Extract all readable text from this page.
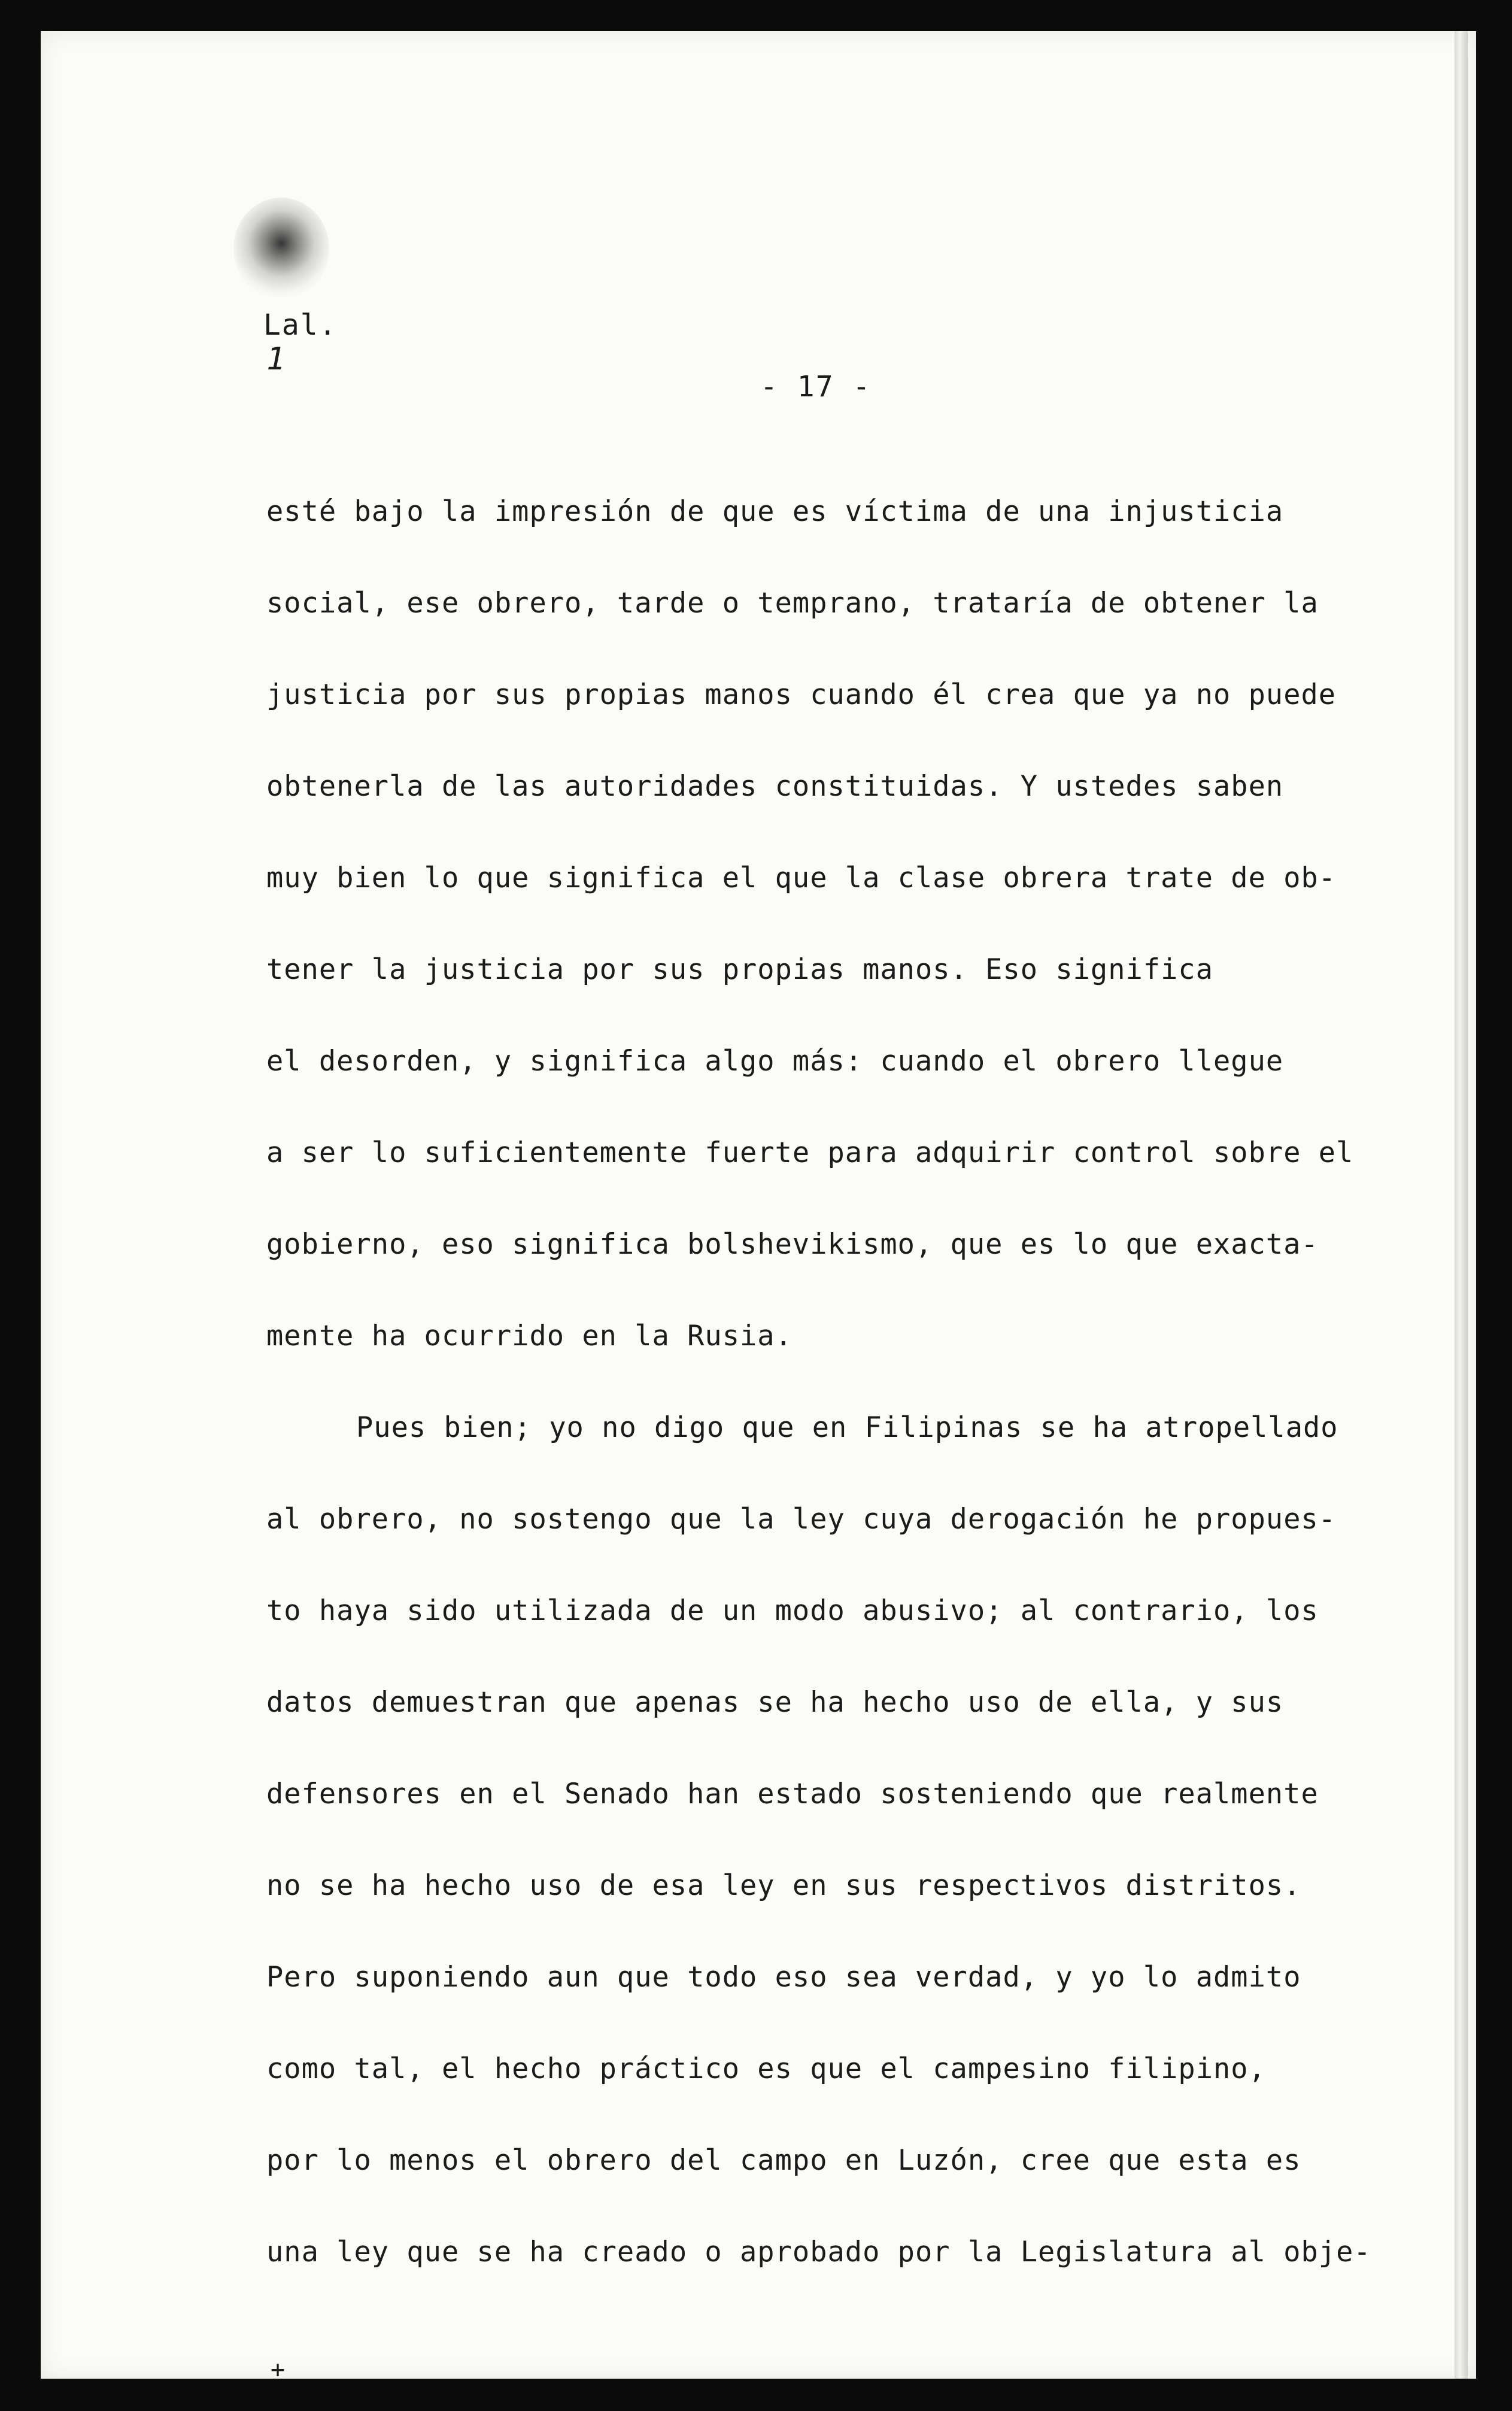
Lal.
1
- 17 -
esté bajo la impresión de que es víctima de una injusticia
social, ese obrero, tarde o temprano, trataría de obtener la
justicia por sus propias manos cuando él crea que ya no puede
obtenerla de las autoridades constituidas. Y ustedes saben
muy bien lo que significa el que la clase obrera trate de ob-
tener la justicia por sus propias manos. Eso significa
el desorden, y significa algo más: cuando el obrero llegue
a ser lo suficientemente fuerte para adquirir control sobre el
gobierno, eso significa bolshevikismo, que es lo que exacta-
mente ha ocurrido en la Rusia.
Pues bien; yo no digo que en Filipinas se ha atropellado
al obrero, no sostengo que la ley cuya derogación he propues-
to haya sido utilizada de un modo abusivo; al contrario, los
datos demuestran que apenas se ha hecho uso de ella, y sus
defensores en el Senado han estado sosteniendo que realmente
no se ha hecho uso de esa ley en sus respectivos distritos.
Pero suponiendo aun que todo eso sea verdad, y yo lo admito
como tal, el hecho práctico es que el campesino filipino,
por lo menos el obrero del campo en Luzón, cree que esta es
una ley que se ha creado o aprobado por la Legislatura al obje-
+
